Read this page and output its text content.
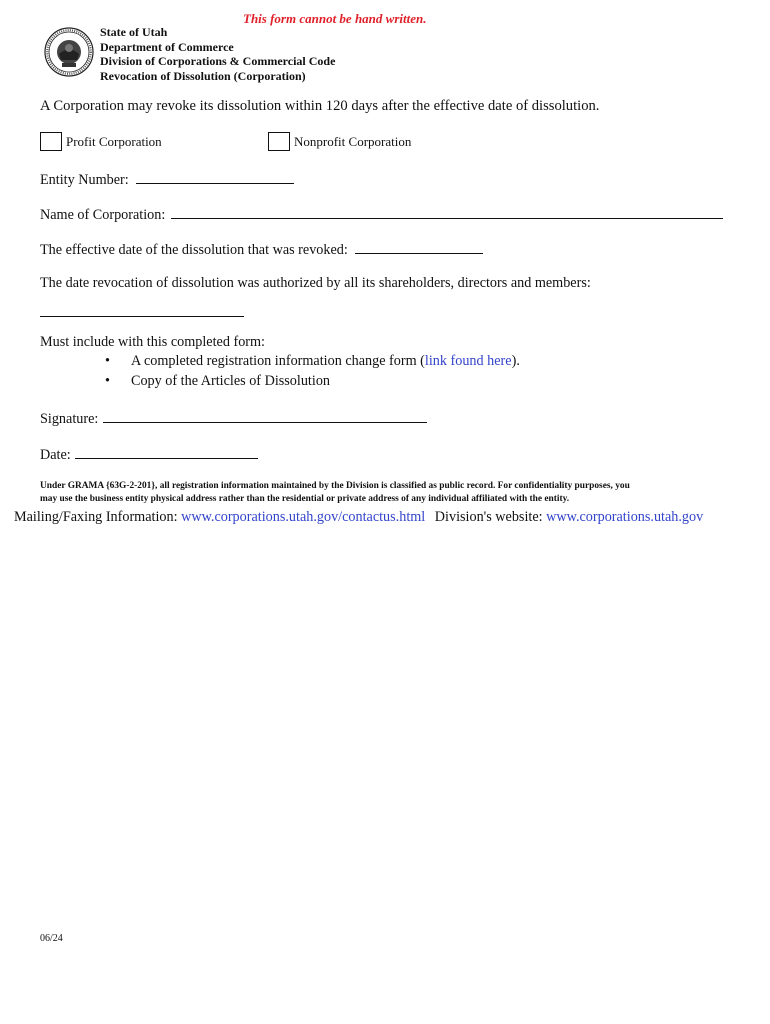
This form cannot be hand written.
State of Utah
Department of Commerce
Division of Corporations & Commercial Code
Revocation of Dissolution (Corporation)
A Corporation may revoke its dissolution within 120 days after the effective date of dissolution.
Profit Corporation	Nonprofit Corporation
Entity Number:
Name of Corporation:
The effective date of the dissolution that was revoked:
The date revocation of dissolution was authorized by all its shareholders, directors and members:
Must include with this completed form:
• A completed registration information change form (link found here).
• Copy of the Articles of Dissolution
Signature:
Date:
Under GRAMA {63G-2-201}, all registration information maintained by the Division is classified as public record. For confidentiality purposes, you
may use the business entity physical address rather than the residential or private address of any individual affiliated with the entity.
Mailing/Faxing Information: www.corporations.utah.gov/contactus.html Division's website: www.corporations.utah.gov
06/24
